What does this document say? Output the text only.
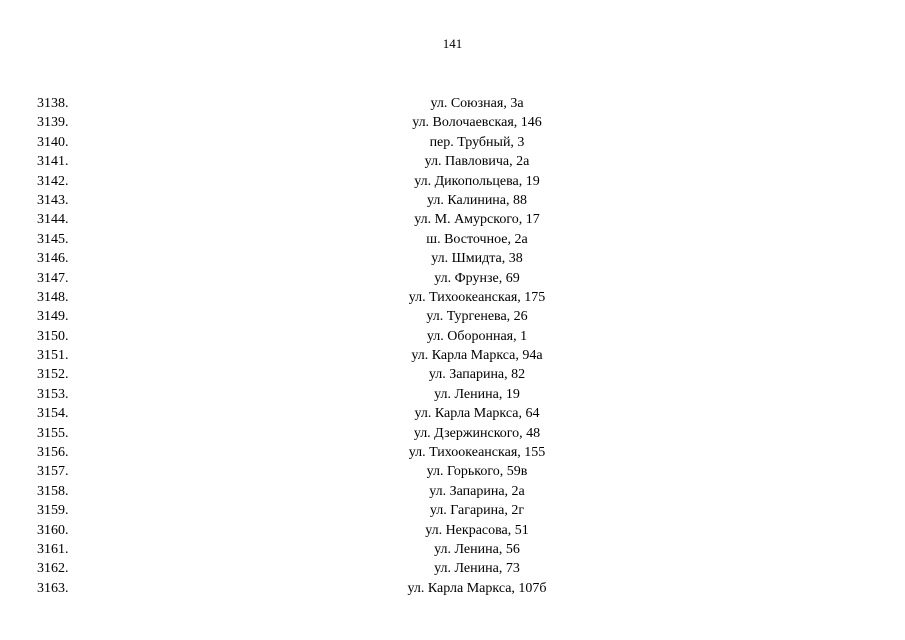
141
3138.	ул. Союзная, 3а
3139.	ул. Волочаевская, 146
3140.	пер. Трубный, 3
3141.	ул. Павловича, 2а
3142.	ул. Дикопольцева, 19
3143.	ул. Калинина, 88
3144.	ул. М. Амурского, 17
3145.	ш. Восточное, 2а
3146.	ул. Шмидта, 38
3147.	ул. Фрунзе, 69
3148.	ул. Тихоокеанская, 175
3149.	ул. Тургенева, 26
3150.	ул. Оборонная, 1
3151.	ул. Карла Маркса, 94а
3152.	ул. Запарина, 82
3153.	ул. Ленина, 19
3154.	ул. Карла Маркса, 64
3155.	ул. Дзержинского, 48
3156.	ул. Тихоокеанская, 155
3157.	ул. Горького, 59в
3158.	ул. Запарина, 2а
3159.	ул. Гагарина, 2г
3160.	ул. Некрасова, 51
3161.	ул. Ленина, 56
3162.	ул. Ленина, 73
3163.	ул. Карла Маркса, 107б
